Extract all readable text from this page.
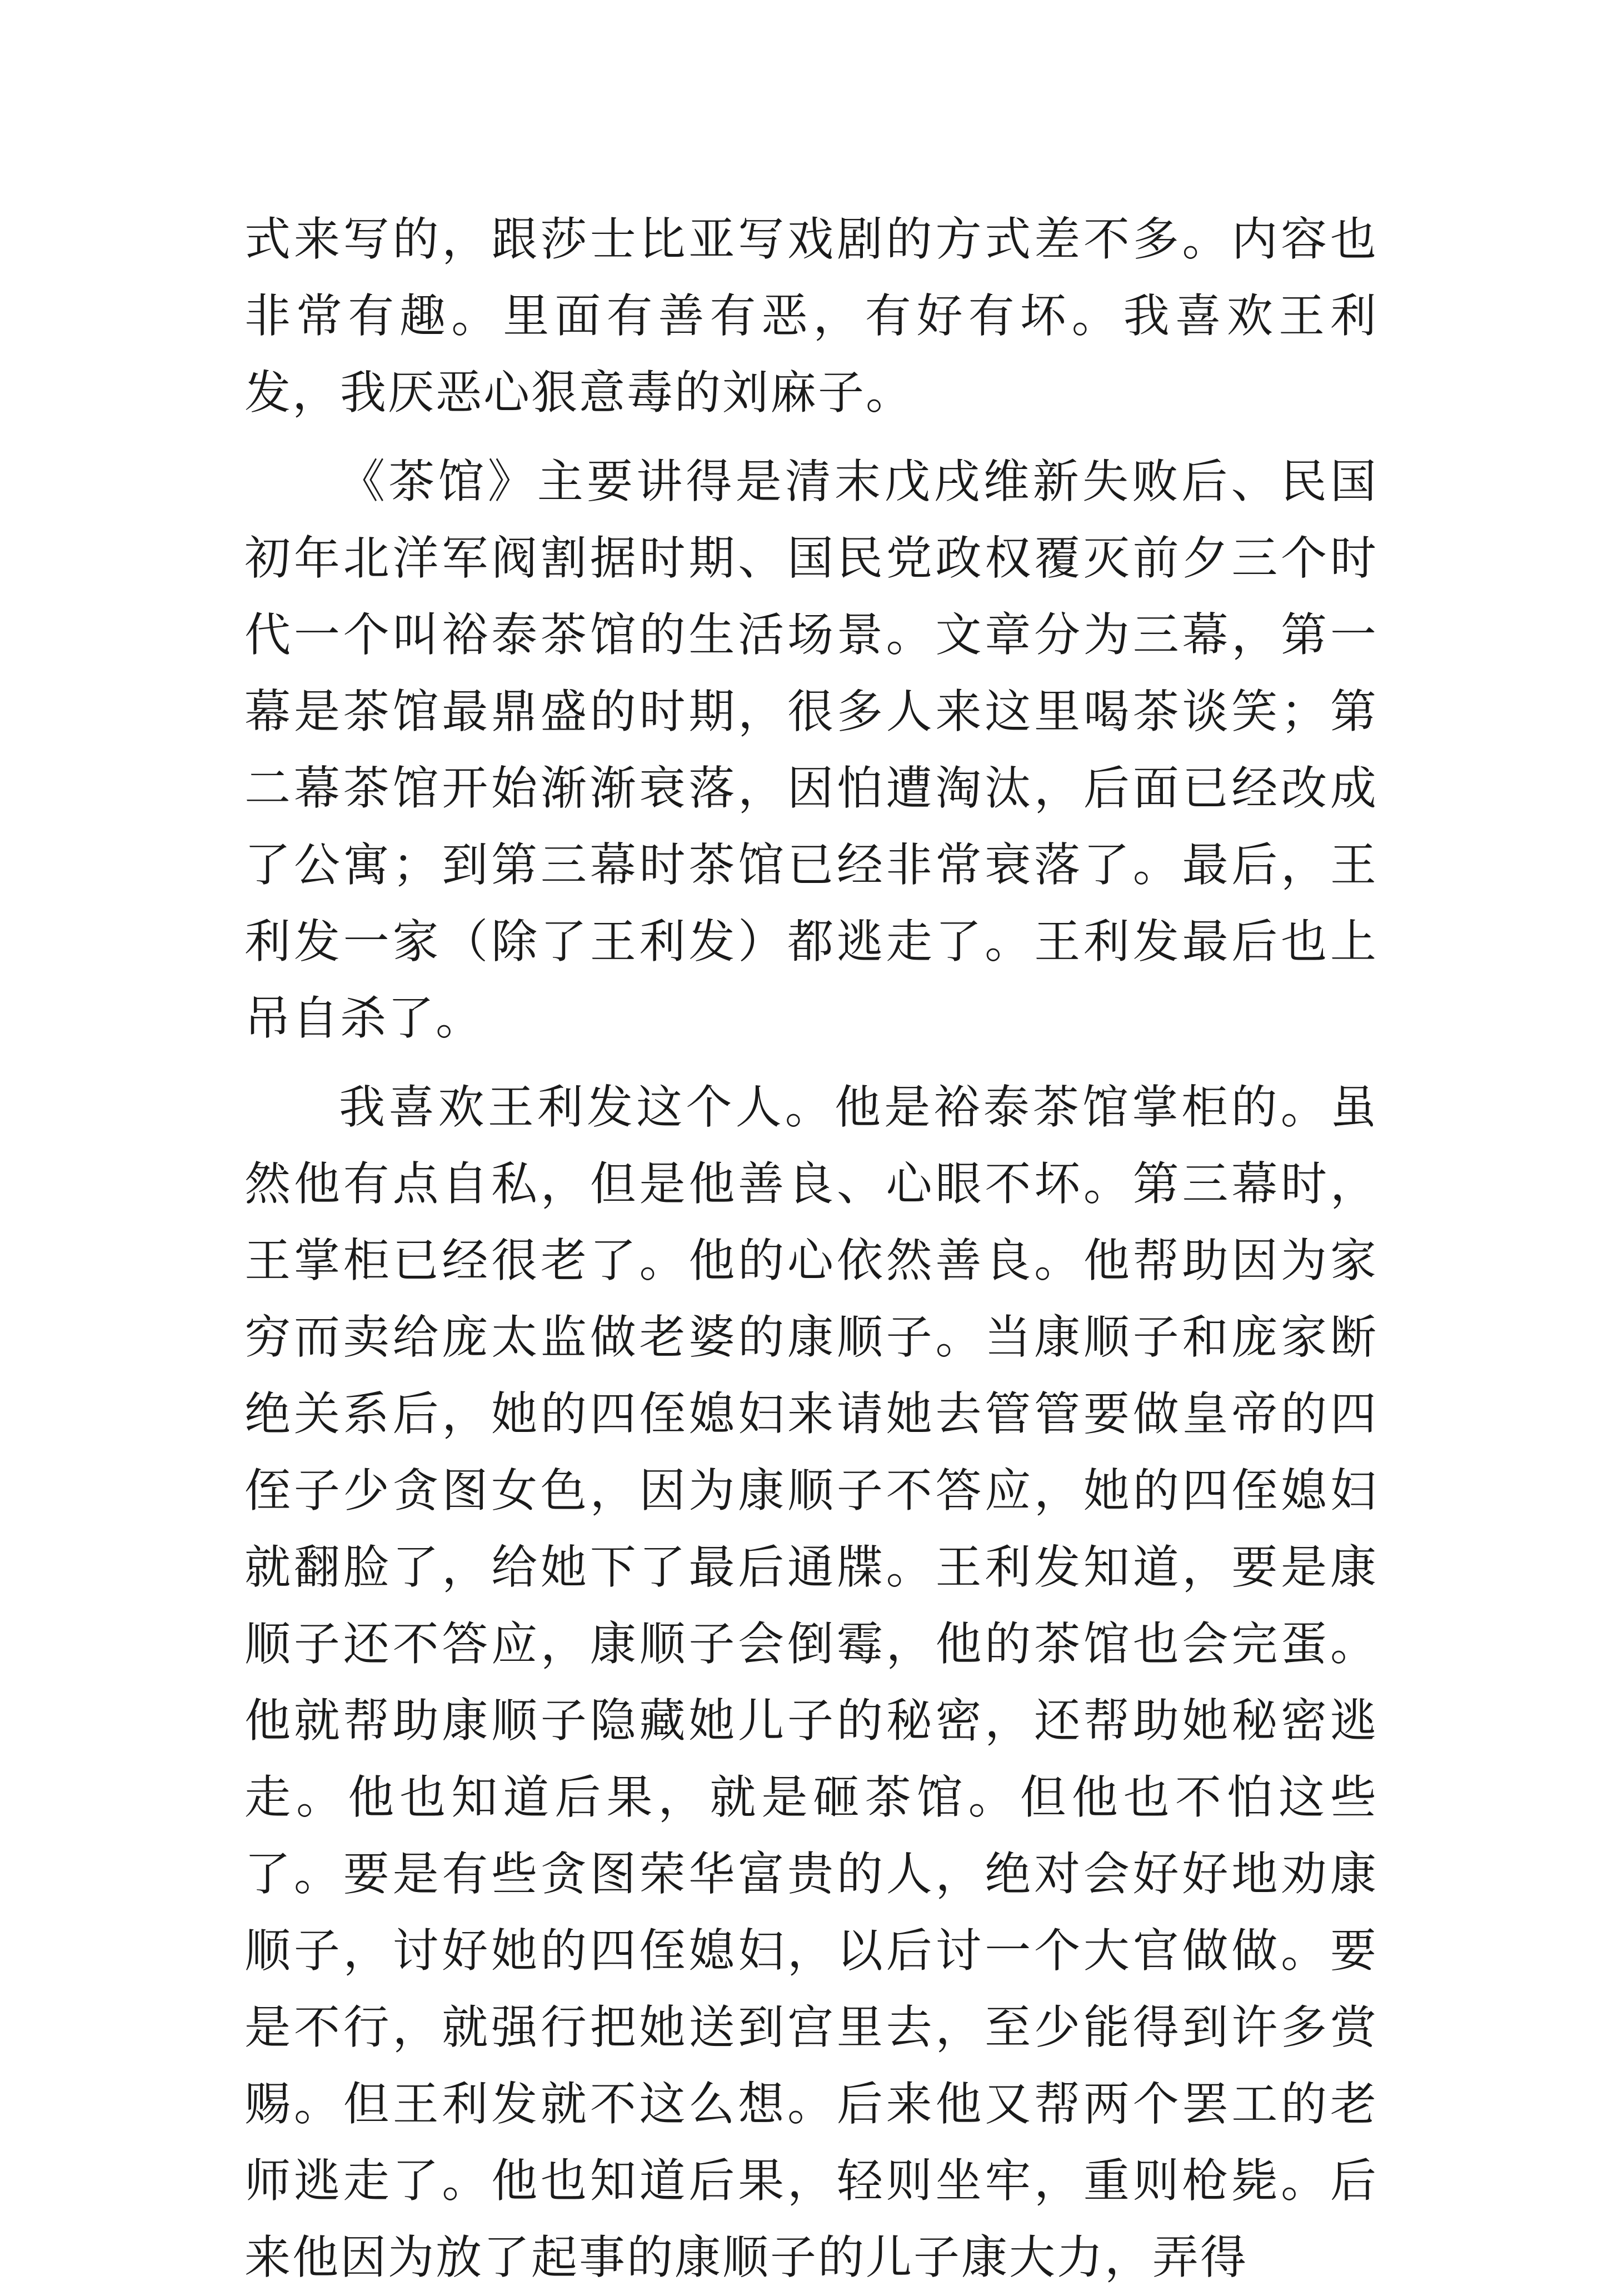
式来写的，跟莎士比亚写戏剧的方式差不多。内容也非常有趣。里面有善有恶，有好有坏。我喜欢王利发，我厌恶心狠意毒的刘麻子。

《茶馆》主要讲得是清末戊戌维新失败后、民国初年北洋军阀割据时期、国民党政权覆灭前夕三个时代一个叫裕泰茶馆的生活场景。文章分为三幕，第一幕是茶馆最鼎盛的时期，很多人来这里喝茶谈笑；第二幕茶馆开始渐渐衰落，因怕遭淘汰，后面已经改成了公寓；到第三幕时茶馆已经非常衰落了。最后，王利发一家（除了王利发）都逃走了。王利发最后也上吊自杀了。

我喜欢王利发这个人。他是裕泰茶馆掌柜的。虽然他有点自私，但是他善良、心眼不坏。第三幕时，王掌柜已经很老了。他的心依然善良。他帮助因为家穷而卖给庞太监做老婆的康顺子。当康顺子和庞家断绝关系后，她的四侄媳妇来请她去管管要做皇帝的四侄子少贪图女色，因为康顺子不答应，她的四侄媳妇就翻脸了，给她下了最后通牒。王利发知道，要是康顺子还不答应，康顺子会倒霉，他的茶馆也会完蛋。他就帮助康顺子隐藏她儿子的秘密，还帮助她秘密逃走。他也知道后果，就是砸茶馆。但他也不怕这些了。要是有些贪图荣华富贵的人，绝对会好好地劝康顺子，讨好她的四侄媳妇，以后讨一个大官做做。要是不行，就强行把她送到宫里去，至少能得到许多赏赐。但王利发就不这么想。后来他又帮两个罢工的老师逃走了。他也知道后果，轻则坐牢，重则枪毙。后来他因为放了起事的康顺子的儿子康大力，弄得
